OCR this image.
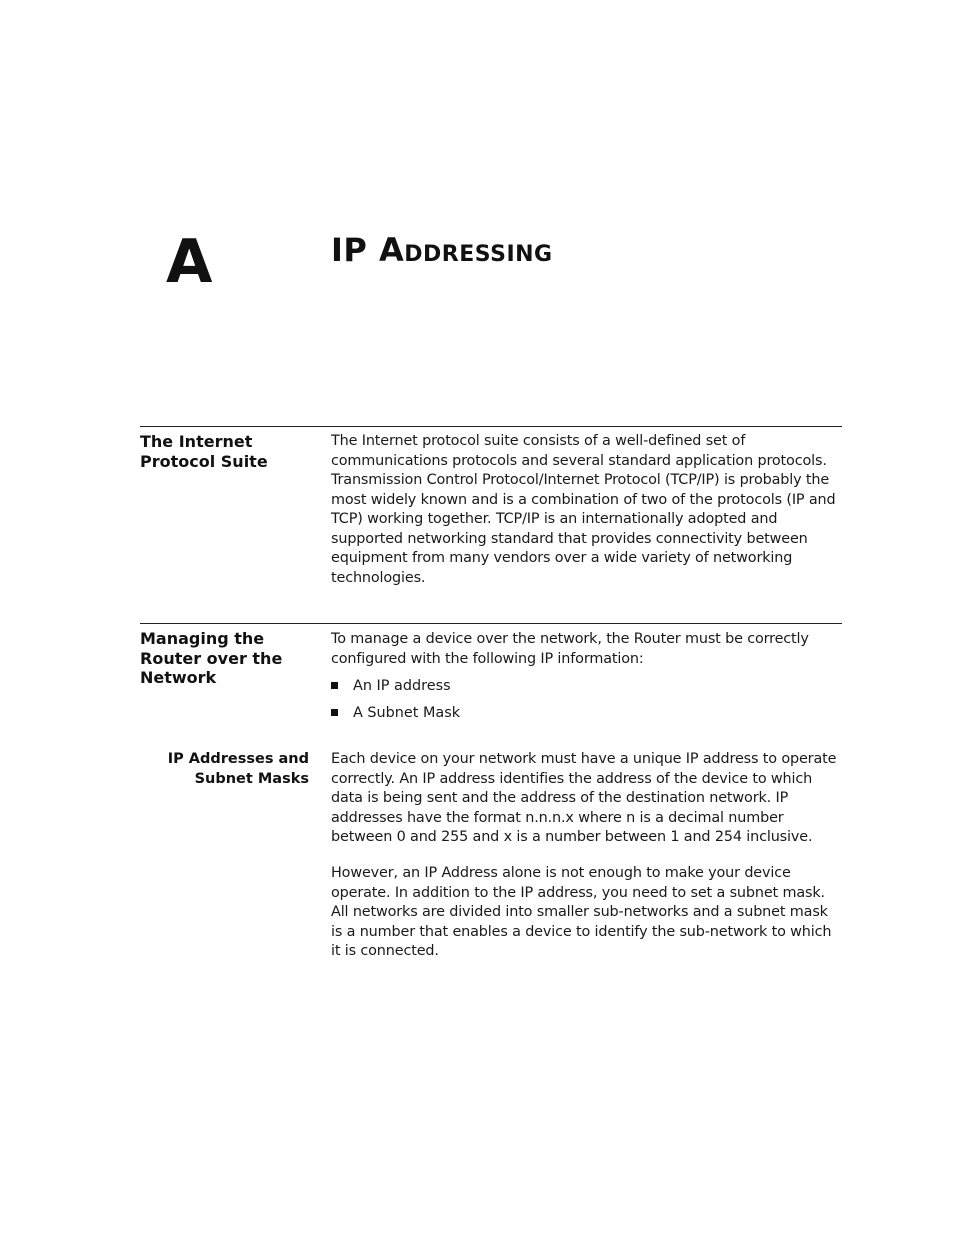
A	IP Addressing
The Internet
Protocol Suite

The Internet protocol suite consists of a well-defined set of communications protocols and several standard application protocols. Transmission Control Protocol/Internet Protocol (TCP/IP) is probably the most widely known and is a combination of two of the protocols (IP and TCP) working together. TCP/IP is an internationally adopted and supported networking standard that provides connectivity between equipment from many vendors over a wide variety of networking technologies.

Managing the
Router over the
Network

To manage a device over the network, the Router must be correctly configured with the following IP information:

An IP address
A Subnet Mask
IP Addresses and
Subnet Masks

Each device on your network must have a unique IP address to operate correctly. An IP address identifies the address of the device to which data is being sent and the address of the destination network. IP addresses have the format n.n.n.x where n is a decimal number between 0 and 255 and x is a number between 1 and 254 inclusive.

However, an IP Address alone is not enough to make your device operate. In addition to the IP address, you need to set a subnet mask. All networks are divided into smaller sub-networks and a subnet mask is a number that enables a device to identify the sub-network to which it is connected.
